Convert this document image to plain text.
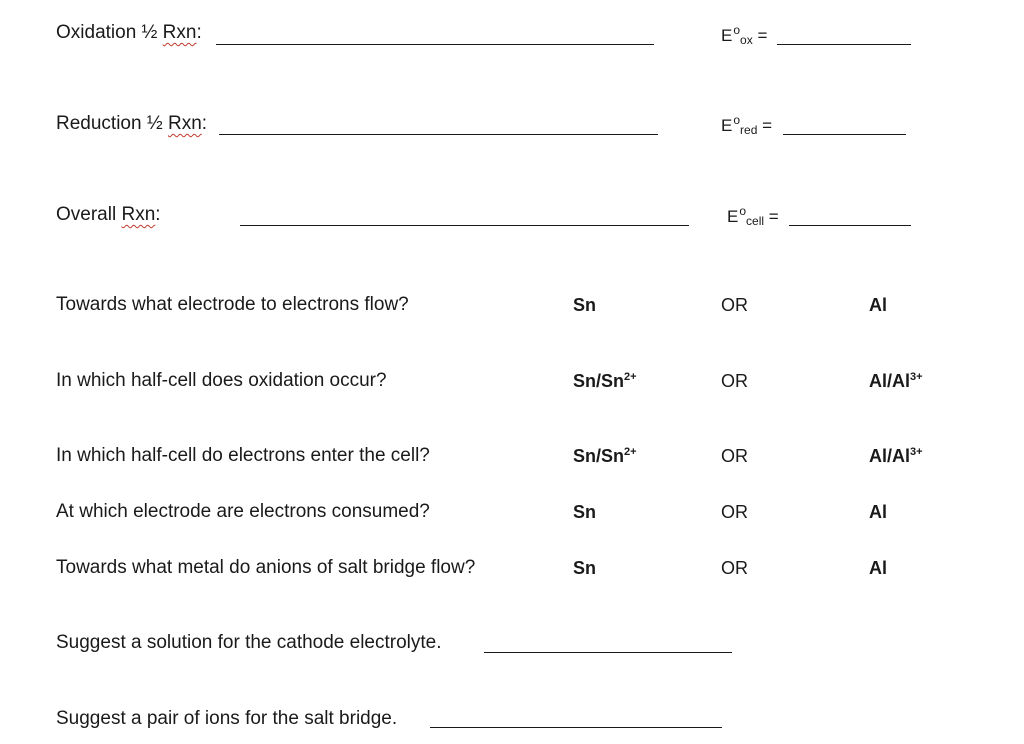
Oxidation ½ Rxn:	$E^o_{ox}$ =
Reduction ½ Rxn:	$E^o_{red}$ =
Overall Rxn:	$E^o_{cell}$ =
Towards what electrode to electrons flow?	Sn	OR	Al
In which half-cell does oxidation occur?	$Sn/Sn^{2+}$	OR	$Al/Al^{3+}$
In which half-cell do electrons enter the cell?	$Sn/Sn^{2+}$	OR	$Al/Al^{3+}$
At which electrode are electrons consumed?	Sn	OR	Al
Towards what metal do anions of salt bridge flow?	Sn	OR	Al
Suggest a solution for the cathode electrolyte.
Suggest a pair of ions for the salt bridge.
